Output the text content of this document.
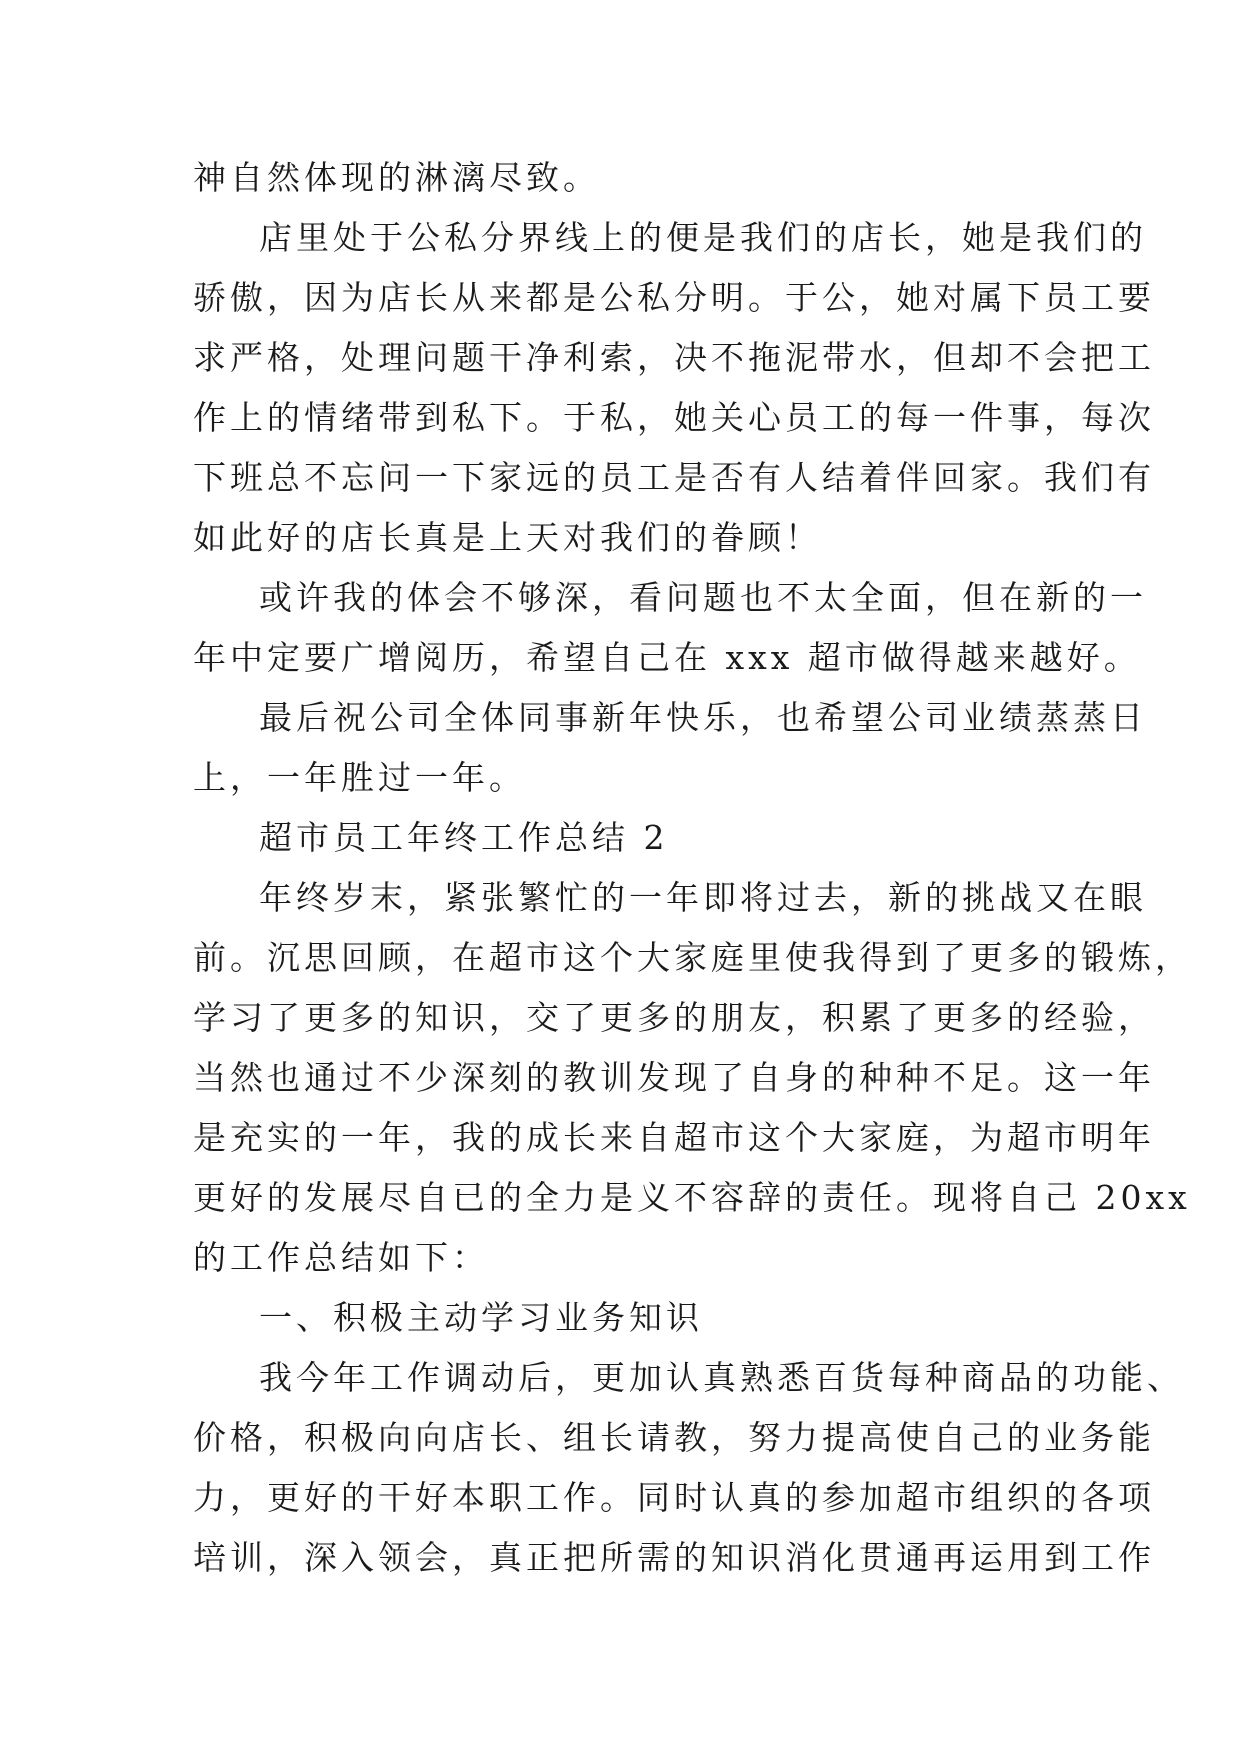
神自然体现的淋漓尽致。
店里处于公私分界线上的便是我们的店长，她是我们的
骄傲，因为店长从来都是公私分明。于公，她对属下员工要
求严格，处理问题干净利索，决不拖泥带水，但却不会把工
作上的情绪带到私下。于私，她关心员工的每一件事，每次
下班总不忘问一下家远的员工是否有人结着伴回家。我们有
如此好的店长真是上天对我们的眷顾！
或许我的体会不够深，看问题也不太全面，但在新的一
年中定要广增阅历，希望自己在 xxx 超市做得越来越好。
最后祝公司全体同事新年快乐，也希望公司业绩蒸蒸日
上，一年胜过一年。
超市员工年终工作总结 2
年终岁末，紧张繁忙的一年即将过去，新的挑战又在眼
前。沉思回顾，在超市这个大家庭里使我得到了更多的锻炼，
学习了更多的知识，交了更多的朋友，积累了更多的经验，
当然也通过不少深刻的教训发现了自身的种种不足。这一年
是充实的一年，我的成长来自超市这个大家庭，为超市明年
更好的发展尽自已的全力是义不容辞的责任。现将自己 20xx
的工作总结如下：
一、积极主动学习业务知识
我今年工作调动后，更加认真熟悉百货每种商品的功能、
价格，积极向向店长、组长请教，努力提高使自己的业务能
力，更好的干好本职工作。同时认真的参加超市组织的各项
培训，深入领会，真正把所需的知识消化贯通再运用到工作
